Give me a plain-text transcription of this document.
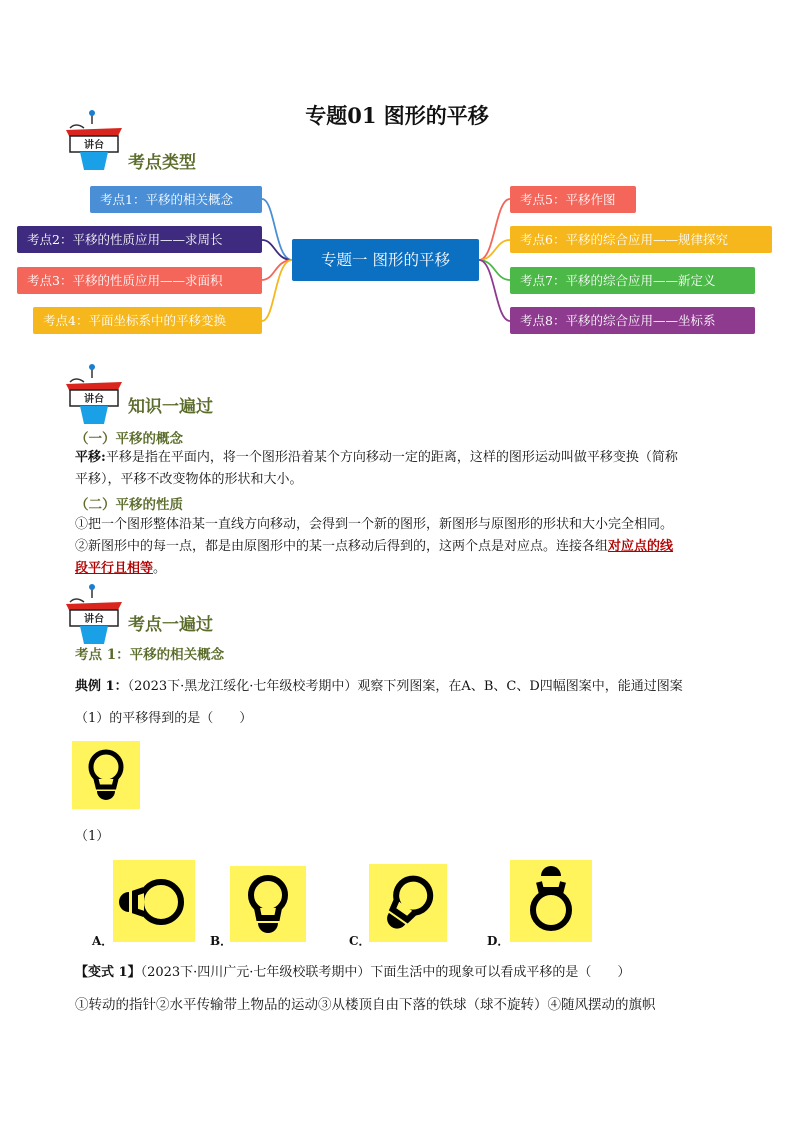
专题01 图形的平移
讲台
考点类型
考点1：平移的相关概念
考点2：平移的性质应用——求周长
考点3：平移的性质应用——求面积
考点4：平面坐标系中的平移变换
专题一 图形的平移
考点5：平移作图
考点6：平移的综合应用——规律探究
考点7：平移的综合应用——新定义
考点8：平移的综合应用——坐标系
讲台 知识一遍过
（一）平移的概念
平移:平移是指在平面内，将一个图形沿着某个方向移动一定的距离，这样的图形运动叫做平移变换（简称
平移），平移不改变物体的形状和大小。
（二）平移的性质
①把一个图形整体沿某一直线方向移动，会得到一个新的图形，新图形与原图形的形状和大小完全相同。
②新图形中的每一点，都是由原图形中的某一点移动后得到的，这两个点是对应点。连接各组对应点的线
段平行且相等。
讲台 考点一遍过
考点 1：平移的相关概念
典例 1：（2023下·黑龙江绥化·七年级校考期中）观察下列图案，在A、B、C、D四幅图案中，能通过图案
（1）的平移得到的是（　　）
（1）
A．	B．	C．	D．
【变式 1】（2023下·四川广元·七年级校联考期中）下面生活中的现象可以看成平移的是（　　）
①转动的指针②水平传输带上物品的运动③从楼顶自由下落的铁球（球不旋转）④随风摆动的旗帜
